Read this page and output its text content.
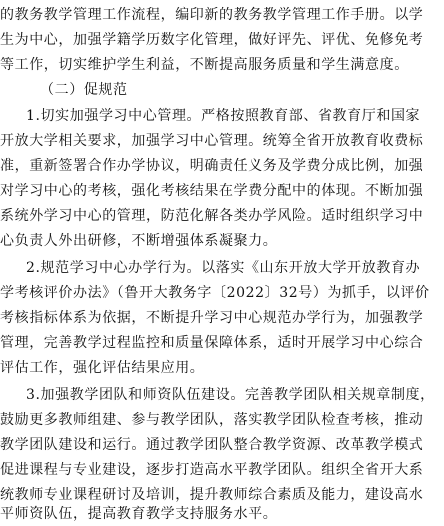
的教务教学管理工作流程，编印新的教务教学管理工作手册。以学
生为中心，加强学籍学历数字化管理，做好评先、评优、免修免考
等工作，切实维护学生利益，不断提高服务质量和学生满意度。
（二）促规范
1.切实加强学习中心管理。严格按照教育部、省教育厅和国家
开放大学相关要求，加强学习中心管理。统筹全省开放教育收费标
准，重新签署合作办学协议，明确责任义务及学费分成比例，加强
对学习中心的考核，强化考核结果在学费分配中的体现。不断加强
系统外学习中心的管理，防范化解各类办学风险。适时组织学习中
心负责人外出研修，不断增强体系凝聚力。
2.规范学习中心办学行为。以落实《山东开放大学开放教育办
学考核评价办法》（鲁开大教务字〔2022〕32号）为抓手，以评价
考核指标体系为依据，不断提升学习中心规范办学行为，加强教学
管理，完善教学过程监控和质量保障体系，适时开展学习中心综合
评估工作，强化评估结果应用。
3.加强教学团队和师资队伍建设。完善教学团队相关规章制度，
鼓励更多教师组建、参与教学团队，落实教学团队检查考核，推动
教学团队建设和运行。通过教学团队整合教学资源、改革教学模式
促进课程与专业建设，逐步打造高水平教学团队。组织全省开大系
统教师专业课程研讨及培训，提升教师综合素质及能力，建设高水
平师资队伍，提高教育教学支持服务水平。
